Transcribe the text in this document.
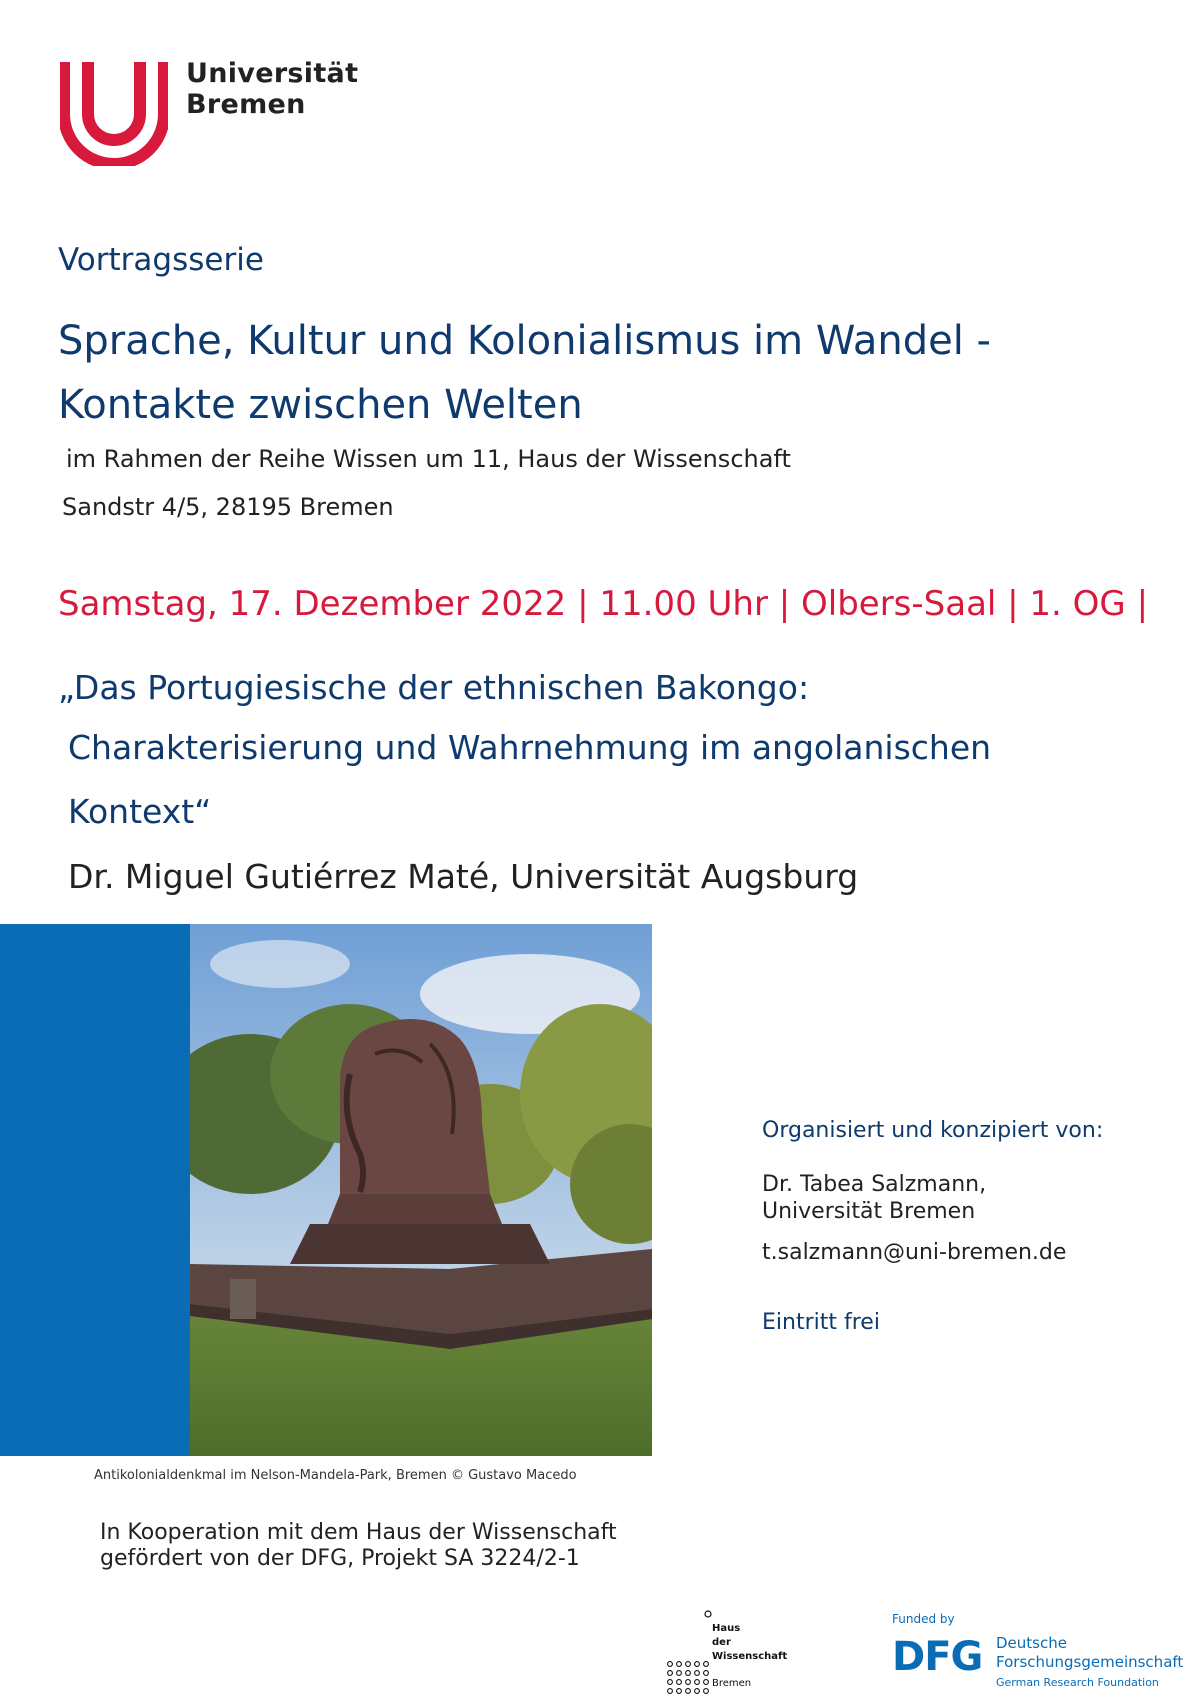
Universität
Bremen
Vortragsserie
Sprache, Kultur und Kolonialismus im Wandel -
Kontakte zwischen Welten
im Rahmen der Reihe Wissen um 11, Haus der Wissenschaft
Sandstr 4/5, 28195 Bremen
Samstag, 17. Dezember 2022 | 11.00 Uhr | Olbers-Saal | 1. OG |
„Das Portugiesische der ethnischen Bakongo:
Charakterisierung und Wahrnehmung im angolanischen
Kontext“
Dr. Miguel Gutiérrez Maté, Universität Augsburg
Antikolonialdenkmal im Nelson-Mandela-Park, Bremen © Gustavo Macedo
Organisiert und konzipiert von:
Dr. Tabea Salzmann,
Universität Bremen
t.salzmann@uni-bremen.de
Eintritt frei
In Kooperation mit dem Haus der Wissenschaft
gefördert von der DFG, Projekt SA 3224/2-1
Haus
der
Wissenschaft
Bremen
Funded by
DFG Deutsche
Forschungsgemeinschaft
German Research Foundation
